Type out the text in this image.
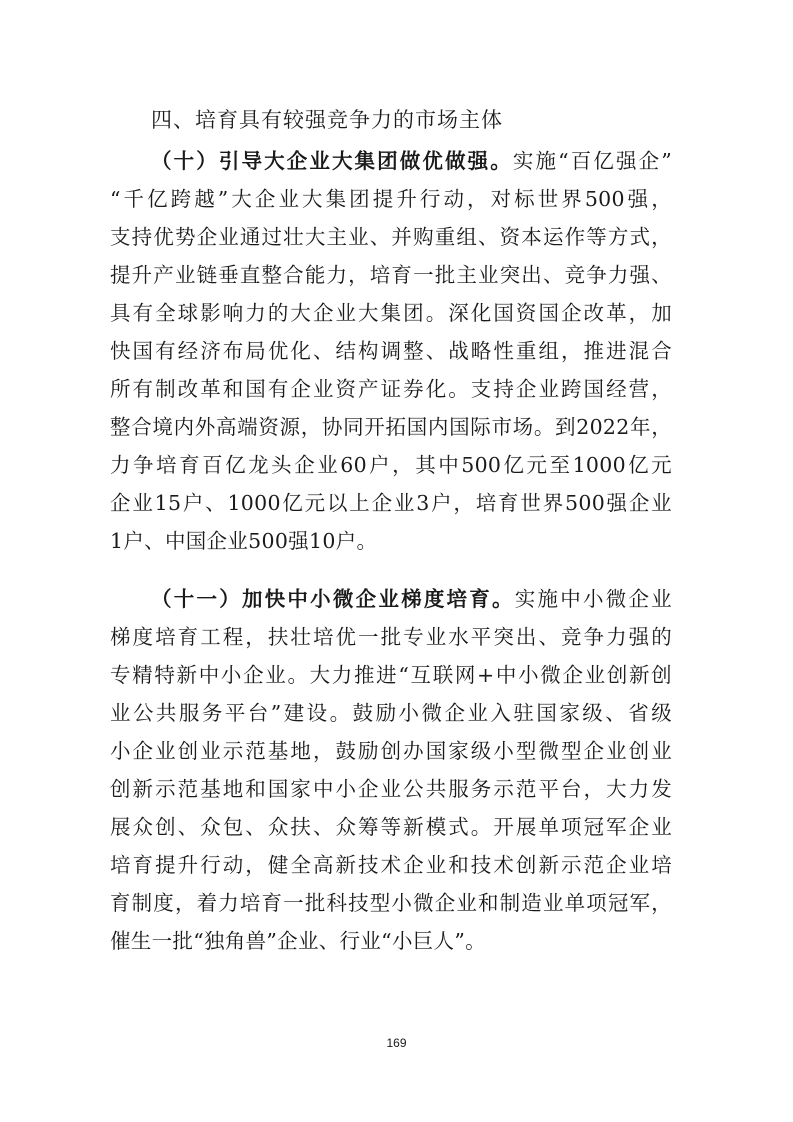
四、培育具有较强竞争力的市场主体
（十）引导大企业大集团做优做强。实施“百亿强企”
“千亿跨越”大企业大集团提升行动，对标世界500强，
支持优势企业通过壮大主业、并购重组、资本运作等方式，
提升产业链垂直整合能力，培育一批主业突出、竞争力强、
具有全球影响力的大企业大集团。深化国资国企改革，加
快国有经济布局优化、结构调整、战略性重组，推进混合
所有制改革和国有企业资产证券化。支持企业跨国经营，
整合境内外高端资源，协同开拓国内国际市场。到2022年，
力争培育百亿龙头企业60户，其中500亿元至1000亿元
企业15户、1000亿元以上企业3户，培育世界500强企业
1户、中国企业500强10户。
（十一）加快中小微企业梯度培育。实施中小微企业
梯度培育工程，扶壮培优一批专业水平突出、竞争力强的
专精特新中小企业。大力推进“互联网+中小微企业创新创
业公共服务平台”建设。鼓励小微企业入驻国家级、省级
小企业创业示范基地，鼓励创办国家级小型微型企业创业
创新示范基地和国家中小企业公共服务示范平台，大力发
展众创、众包、众扶、众筹等新模式。开展单项冠军企业
培育提升行动，健全高新技术企业和技术创新示范企业培
育制度，着力培育一批科技型小微企业和制造业单项冠军，
催生一批“独角兽”企业、行业“小巨人”。
169
